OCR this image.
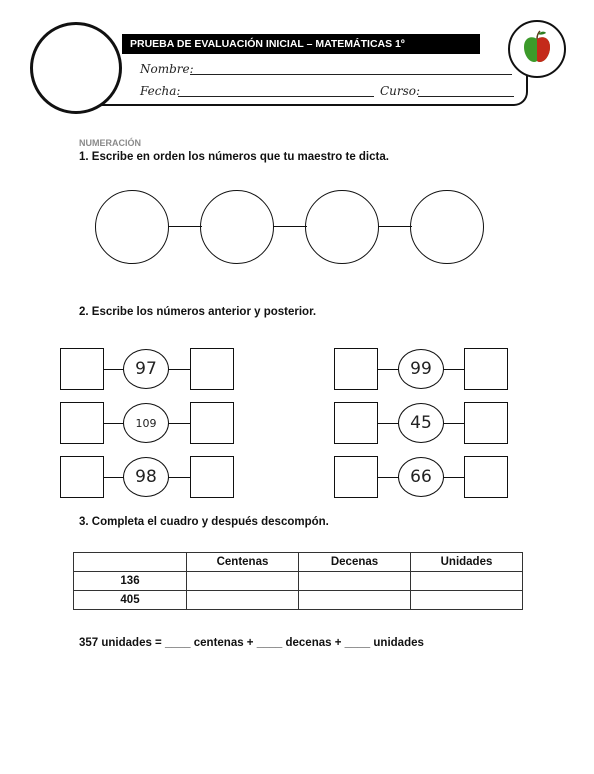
PRUEBA DE EVALUACIÓN INICIAL – MATEMÁTICAS 1º
Nombre:
Fecha:	Curso:
NUMERACIÓN
1. Escribe en orden los números que tu maestro te dicta.
2. Escribe los números anterior y posterior.
97
109
98
99
45
66
3. Completa el cuadro y después descompón.
	Centenas	Decenas	Unidades
136			
405			
357 unidades = ____ centenas + ____ decenas + ____ unidades
